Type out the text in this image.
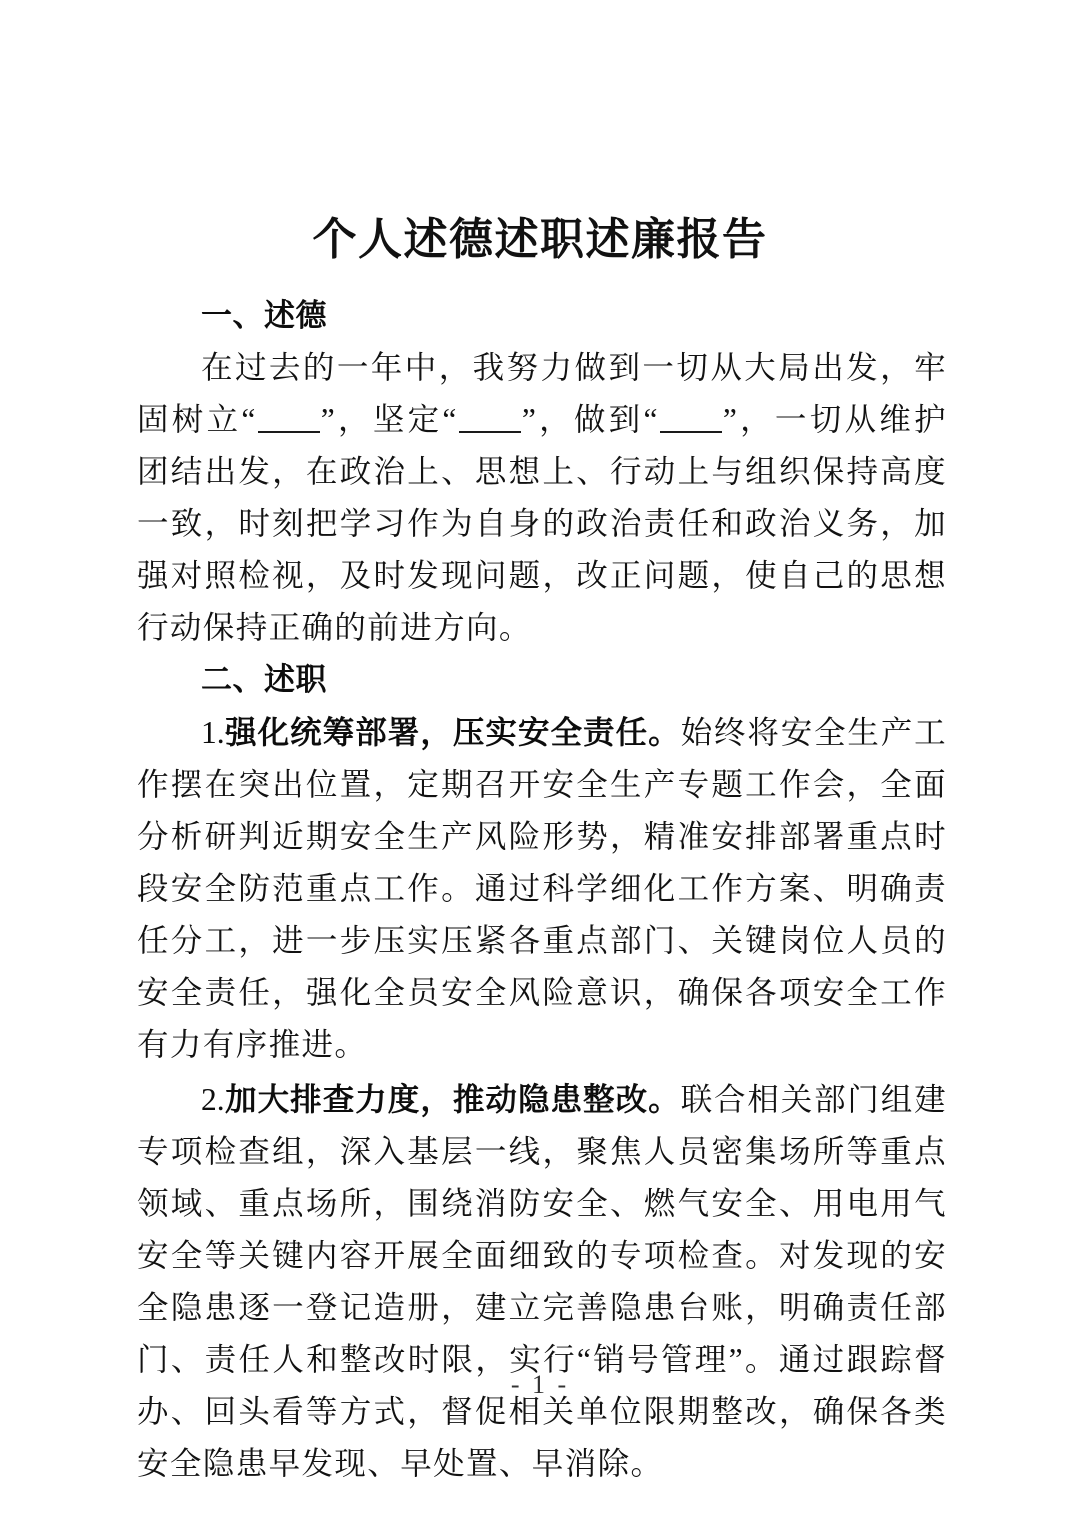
个人述德述职述廉报告

一、述德

在过去的一年中，我努力做到一切从大局出发，牢固树立“ ”，坚定“ ”，做到“ ”，一切从维护团结出发，在政治上、思想上、行动上与组织保持高度一致，时刻把学习作为自身的政治责任和政治义务，加强对照检视，及时发现问题，改正问题，使自己的思想行动保持正确的前进方向。

二、述职

1.强化统筹部署，压实安全责任。始终将安全生产工作摆在突出位置，定期召开安全生产专题工作会，全面分析研判近期安全生产风险形势，精准安排部署重点时段安全防范重点工作。通过科学细化工作方案、明确责任分工，进一步压实压紧各重点部门、关键岗位人员的安全责任，强化全员安全风险意识，确保各项安全工作有力有序推进。

2.加大排查力度，推动隐患整改。联合相关部门组建专项检查组，深入基层一线，聚焦人员密集场所等重点领域、重点场所，围绕消防安全、燃气安全、用电用气安全等关键内容开展全面细致的专项检查。对发现的安全隐患逐一登记造册，建立完善隐患台账，明确责任部门、责任人和整改时限，实行“销号管理”。通过跟踪督办、回头看等方式，督促相关单位限期整改，确保各类安全隐患早发现、早处置、早消除。

- 1 -
